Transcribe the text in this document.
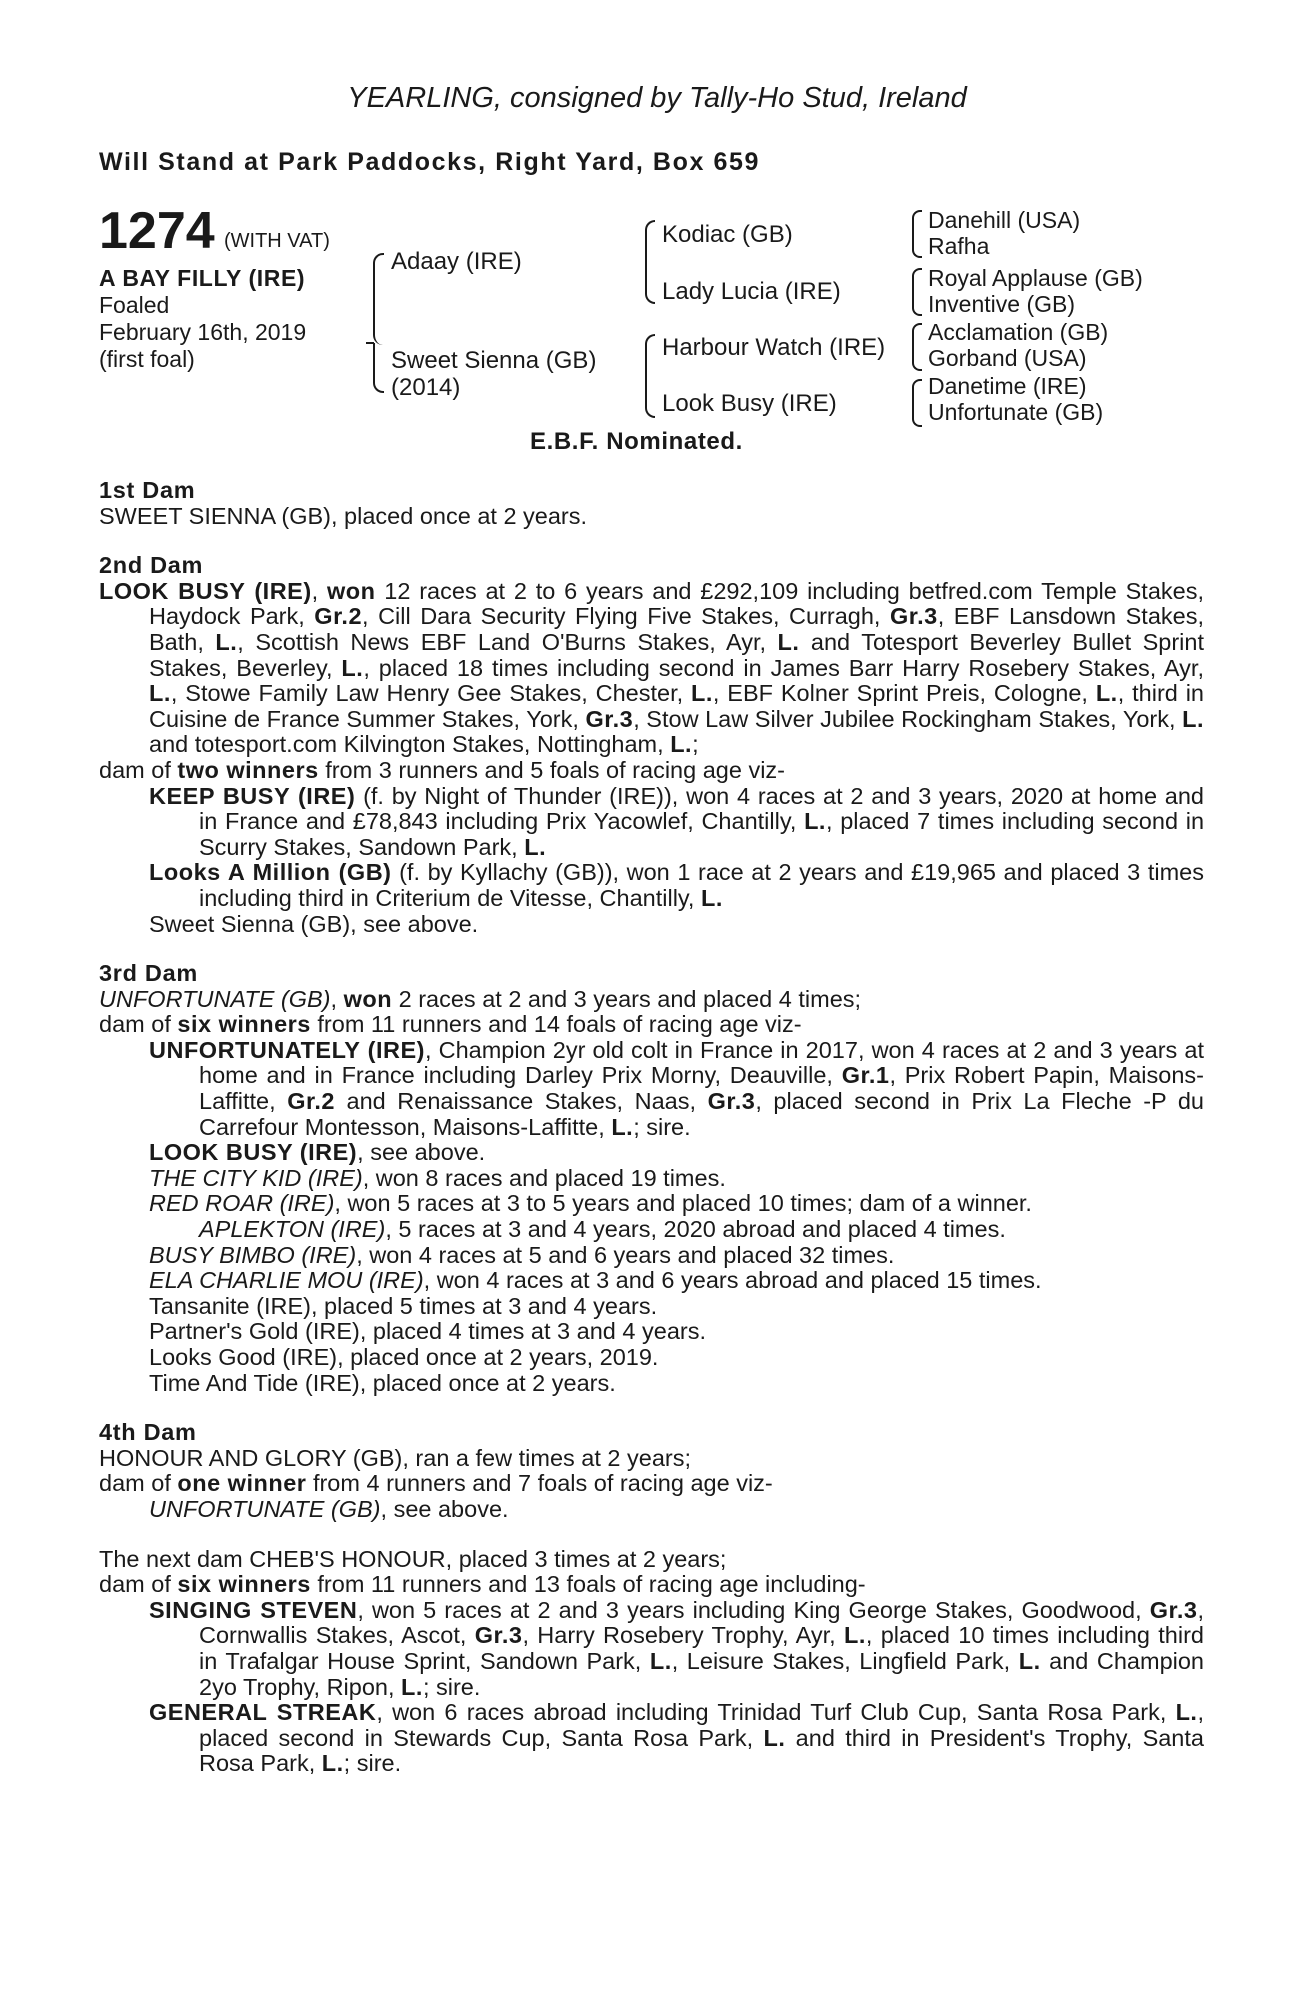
YEARLING, consigned by Tally-Ho Stud, Ireland
Will Stand at Park Paddocks, Right Yard, Box 659
1274 (WITH VAT)
A BAY FILLY (IRE)
Foaled
February 16th, 2019
(first foal)
Adaay (IRE)
Sweet Sienna (GB)
(2014)
Kodiac (GB)
Lady Lucia (IRE)
Harbour Watch (IRE)
Look Busy (IRE)
Danehill (USA)
Rafha
Royal Applause (GB)
Inventive (GB)
Acclamation (GB)
Gorband (USA)
Danetime (IRE)
Unfortunate (GB)
E.B.F. Nominated.
1st Dam
SWEET SIENNA (GB), placed once at 2 years.
2nd Dam
LOOK BUSY (IRE), won 12 races at 2 to 6 years and £292,109 including betfred.com Temple Stakes, Haydock Park, Gr.2, Cill Dara Security Flying Five Stakes, Curragh, Gr.3, EBF Lansdown Stakes, Bath, L., Scottish News EBF Land O'Burns Stakes, Ayr, L. and Totesport Beverley Bullet Sprint Stakes, Beverley, L., placed 18 times including second in James Barr Harry Rosebery Stakes, Ayr, L., Stowe Family Law Henry Gee Stakes, Chester, L., EBF Kolner Sprint Preis, Cologne, L., third in Cuisine de France Summer Stakes, York, Gr.3, Stow Law Silver Jubilee Rockingham Stakes, York, L. and totesport.com Kilvington Stakes, Nottingham, L.;
dam of two winners from 3 runners and 5 foals of racing age viz-
KEEP BUSY (IRE) (f. by Night of Thunder (IRE)), won 4 races at 2 and 3 years, 2020 at home and in France and £78,843 including Prix Yacowlef, Chantilly, L., placed 7 times including second in Scurry Stakes, Sandown Park, L.
Looks A Million (GB) (f. by Kyllachy (GB)), won 1 race at 2 years and £19,965 and placed 3 times including third in Criterium de Vitesse, Chantilly, L.
Sweet Sienna (GB), see above.
3rd Dam
UNFORTUNATE (GB), won 2 races at 2 and 3 years and placed 4 times;
dam of six winners from 11 runners and 14 foals of racing age viz-
UNFORTUNATELY (IRE), Champion 2yr old colt in France in 2017, won 4 races at 2 and 3 years at home and in France including Darley Prix Morny, Deauville, Gr.1, Prix Robert Papin, Maisons-Laffitte, Gr.2 and Renaissance Stakes, Naas, Gr.3, placed second in Prix La Fleche -P du Carrefour Montesson, Maisons-Laffitte, L.; sire.
LOOK BUSY (IRE), see above.
THE CITY KID (IRE), won 8 races and placed 19 times.
RED ROAR (IRE), won 5 races at 3 to 5 years and placed 10 times; dam of a winner.
APLEKTON (IRE), 5 races at 3 and 4 years, 2020 abroad and placed 4 times.
BUSY BIMBO (IRE), won 4 races at 5 and 6 years and placed 32 times.
ELA CHARLIE MOU (IRE), won 4 races at 3 and 6 years abroad and placed 15 times.
Tansanite (IRE), placed 5 times at 3 and 4 years.
Partner's Gold (IRE), placed 4 times at 3 and 4 years.
Looks Good (IRE), placed once at 2 years, 2019.
Time And Tide (IRE), placed once at 2 years.
4th Dam
HONOUR AND GLORY (GB), ran a few times at 2 years;
dam of one winner from 4 runners and 7 foals of racing age viz-
UNFORTUNATE (GB), see above.
The next dam CHEB'S HONOUR, placed 3 times at 2 years;
dam of six winners from 11 runners and 13 foals of racing age including-
SINGING STEVEN, won 5 races at 2 and 3 years including King George Stakes, Goodwood, Gr.3, Cornwallis Stakes, Ascot, Gr.3, Harry Rosebery Trophy, Ayr, L., placed 10 times including third in Trafalgar House Sprint, Sandown Park, L., Leisure Stakes, Lingfield Park, L. and Champion 2yo Trophy, Ripon, L.; sire.
GENERAL STREAK, won 6 races abroad including Trinidad Turf Club Cup, Santa Rosa Park, L., placed second in Stewards Cup, Santa Rosa Park, L. and third in President's Trophy, Santa Rosa Park, L.; sire.
